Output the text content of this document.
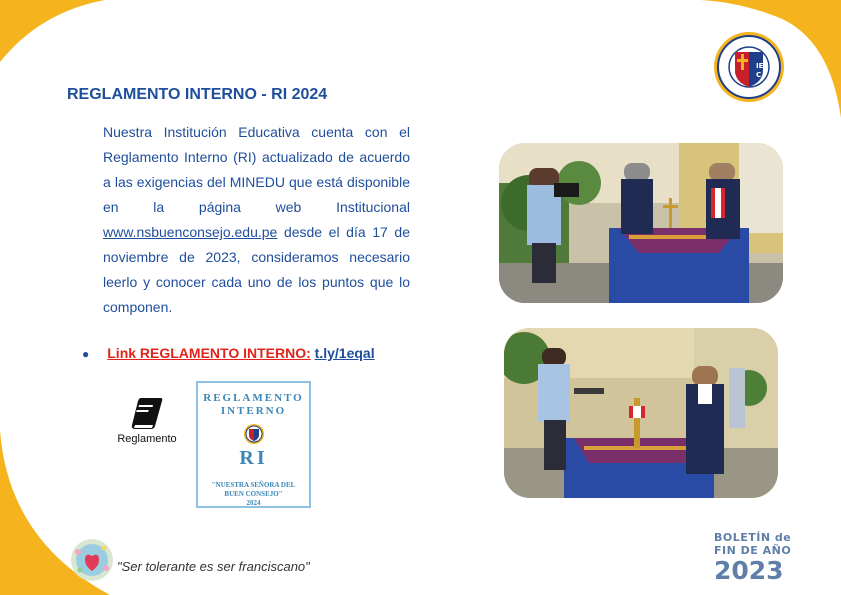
REGLAMENTO INTERNO - RI 2024
IE
C

Nuestra Institución Educativa cuenta con el Reglamento Interno (RI) actualizado de acuerdo a las exigencias del MINEDU que está disponible en la página web Institucional www.nsbuenconsejo.edu.pe desde el día 17 de noviembre de 2023, consideramos necesario leerlo y conocer cada uno de los puntos que lo componen.

● Link REGLAMENTO INTERNO: t.ly/1eqal
Reglamento
REGLAMENTO
INTERNO
RI
"NUESTRA SEÑORA DEL BUEN CONSEJO"
2024
"Ser tolerante es ser franciscano"
BOLETÍN de
FIN DE AÑO
2023
